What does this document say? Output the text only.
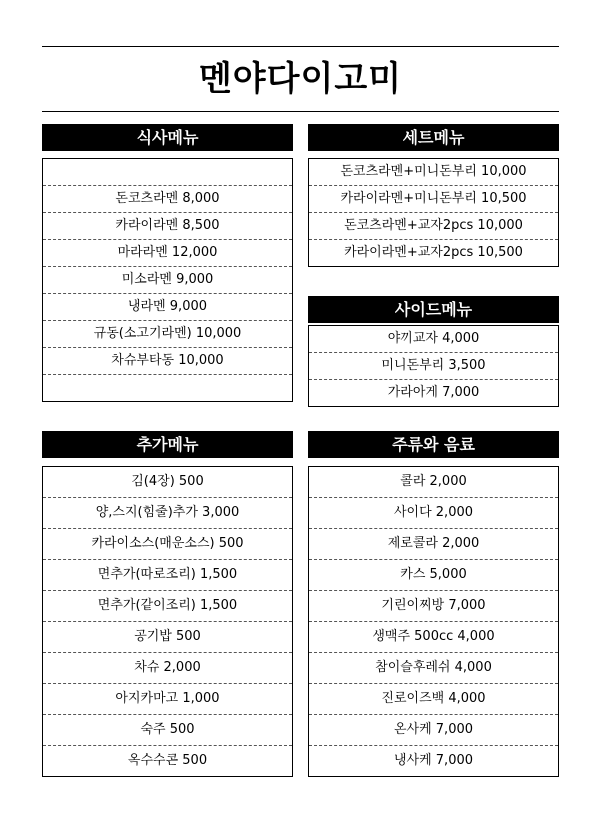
멘야다이고미
식사메뉴
돈코츠라멘 8,000
카라이라멘 8,500
마라라멘 12,000
미소라멘 9,000
냉라멘 9,000
규동(소고기라멘) 10,000
차슈부타동 10,000
세트메뉴
돈코츠라멘+미니돈부리 10,000
카라이라멘+미니돈부리 10,500
돈코츠라멘+교자2pcs 10,000
카라이라멘+교자2pcs 10,500
사이드메뉴
야끼교자 4,000
미니돈부리 3,500
가라아게 7,000
추가메뉴
김(4장) 500
양,스지(힘줄)추가 3,000
카라이소스(매운소스) 500
면추가(따로조리) 1,500
면추가(같이조리) 1,500
공기밥 500
차슈 2,000
아지카마고 1,000
숙주 500
옥수수콘 500
주류와 음료
콜라 2,000
사이다 2,000
제로콜라 2,000
카스 5,000
기린이찌방 7,000
생맥주 500cc 4,000
참이슬후레쉬 4,000
진로이즈백 4,000
온사케 7,000
냉사케 7,000
